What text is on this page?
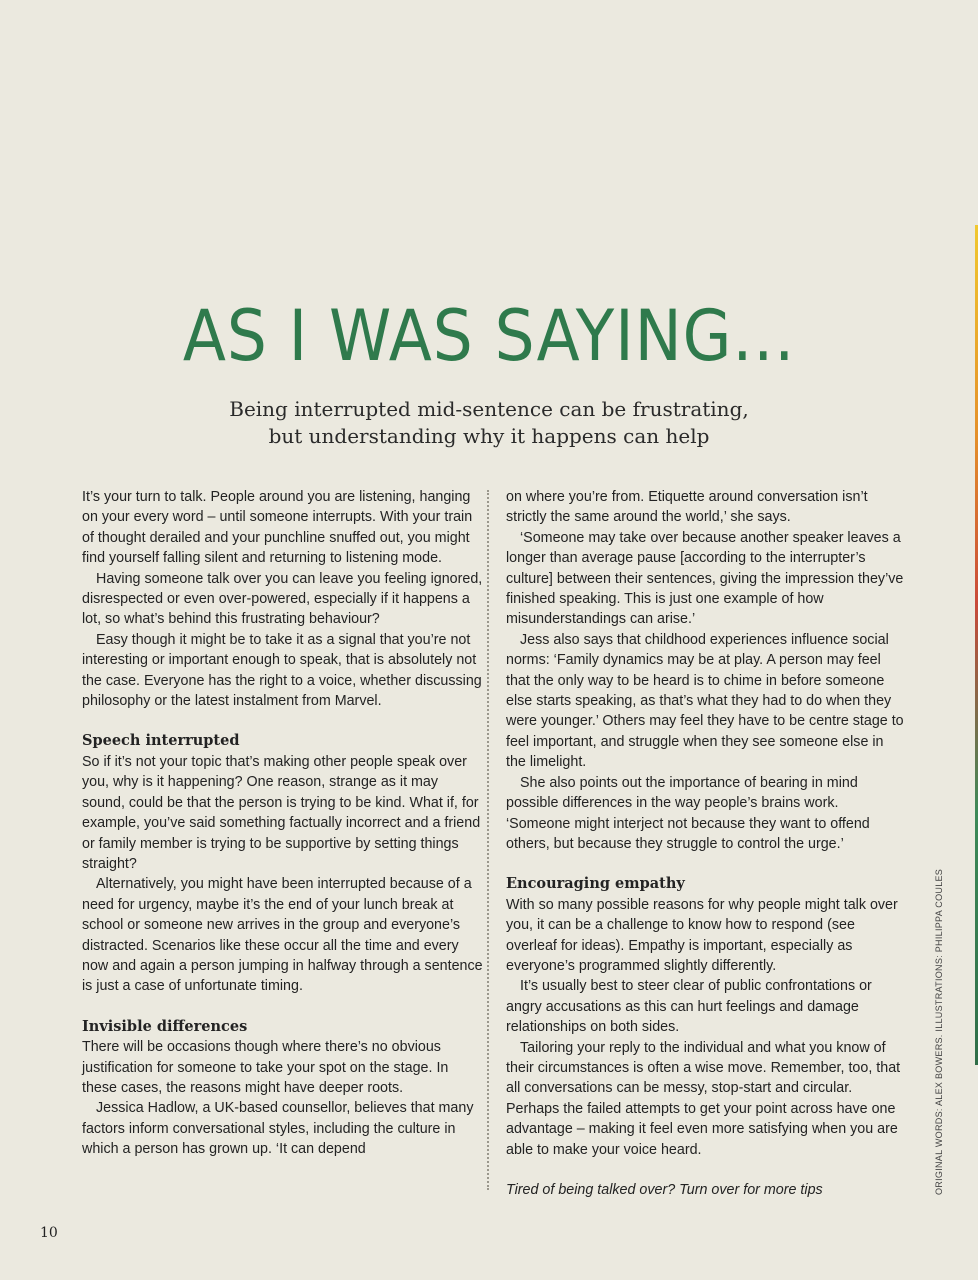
AS I WAS SAYING...
Being interrupted mid-sentence can be frustrating,
but understanding why it happens can help

It’s your turn to talk. People around you are listening, hanging on your every word – until someone interrupts. With your train of thought derailed and your punchline snuffed out, you might find yourself falling silent and returning to listening mode.

Having someone talk over you can leave you feeling ignored, disrespected or even over-powered, especially if it happens a lot, so what’s behind this frustrating behaviour?

Easy though it might be to take it as a signal that you’re not interesting or important enough to speak, that is absolutely not the case. Everyone has the right to a voice, whether discussing philosophy or the latest instalment from Marvel.

Speech interrupted

So if it’s not your topic that’s making other people speak over you, why is it happening? One reason, strange as it may sound, could be that the person is trying to be kind. What if, for example, you’ve said something factually incorrect and a friend or family member is trying to be supportive by setting things straight?

Alternatively, you might have been interrupted because of a need for urgency, maybe it’s the end of your lunch break at school or someone new arrives in the group and everyone’s distracted. Scenarios like these occur all the time and every now and again a person jumping in halfway through a sentence is just a case of unfortunate timing.

Invisible differences

There will be occasions though where there’s no obvious justification for someone to take your spot on the stage. In these cases, the reasons might have deeper roots.

Jessica Hadlow, a UK-based counsellor, believes that many factors inform conversational styles, including the culture in which a person has grown up. ‘It can depend

on where you’re from. Etiquette around conversation isn’t strictly the same around the world,’ she says.

‘Someone may take over because another speaker leaves a longer than average pause [according to the interrupter’s culture] between their sentences, giving the impression they’ve finished speaking. This is just one example of how misunderstandings can arise.’

Jess also says that childhood experiences influence social norms: ‘Family dynamics may be at play. A person may feel that the only way to be heard is to chime in before someone else starts speaking, as that’s what they had to do when they were younger.’ Others may feel they have to be centre stage to feel important, and struggle when they see someone else in the limelight.

She also points out the importance of bearing in mind possible differences in the way people’s brains work. ‘Someone might interject not because they want to offend others, but because they struggle to control the urge.’

Encouraging empathy

With so many possible reasons for why people might talk over you, it can be a challenge to know how to respond (see overleaf for ideas). Empathy is important, especially as everyone’s programmed slightly differently.

It’s usually best to steer clear of public confrontations or angry accusations as this can hurt feelings and damage relationships on both sides.

Tailoring your reply to the individual and what you know of their circumstances is often a wise move. Remember, too, that all conversations can be messy, stop-start and circular. Perhaps the failed attempts to get your point across have one advantage – making it feel even more satisfying when you are able to make your voice heard.

Tired of being talked over? Turn over for more tips	ORIGINAL WORDS: ALEX BOWERS. ILLUSTRATIONS: PHILIPPA COULES
10
